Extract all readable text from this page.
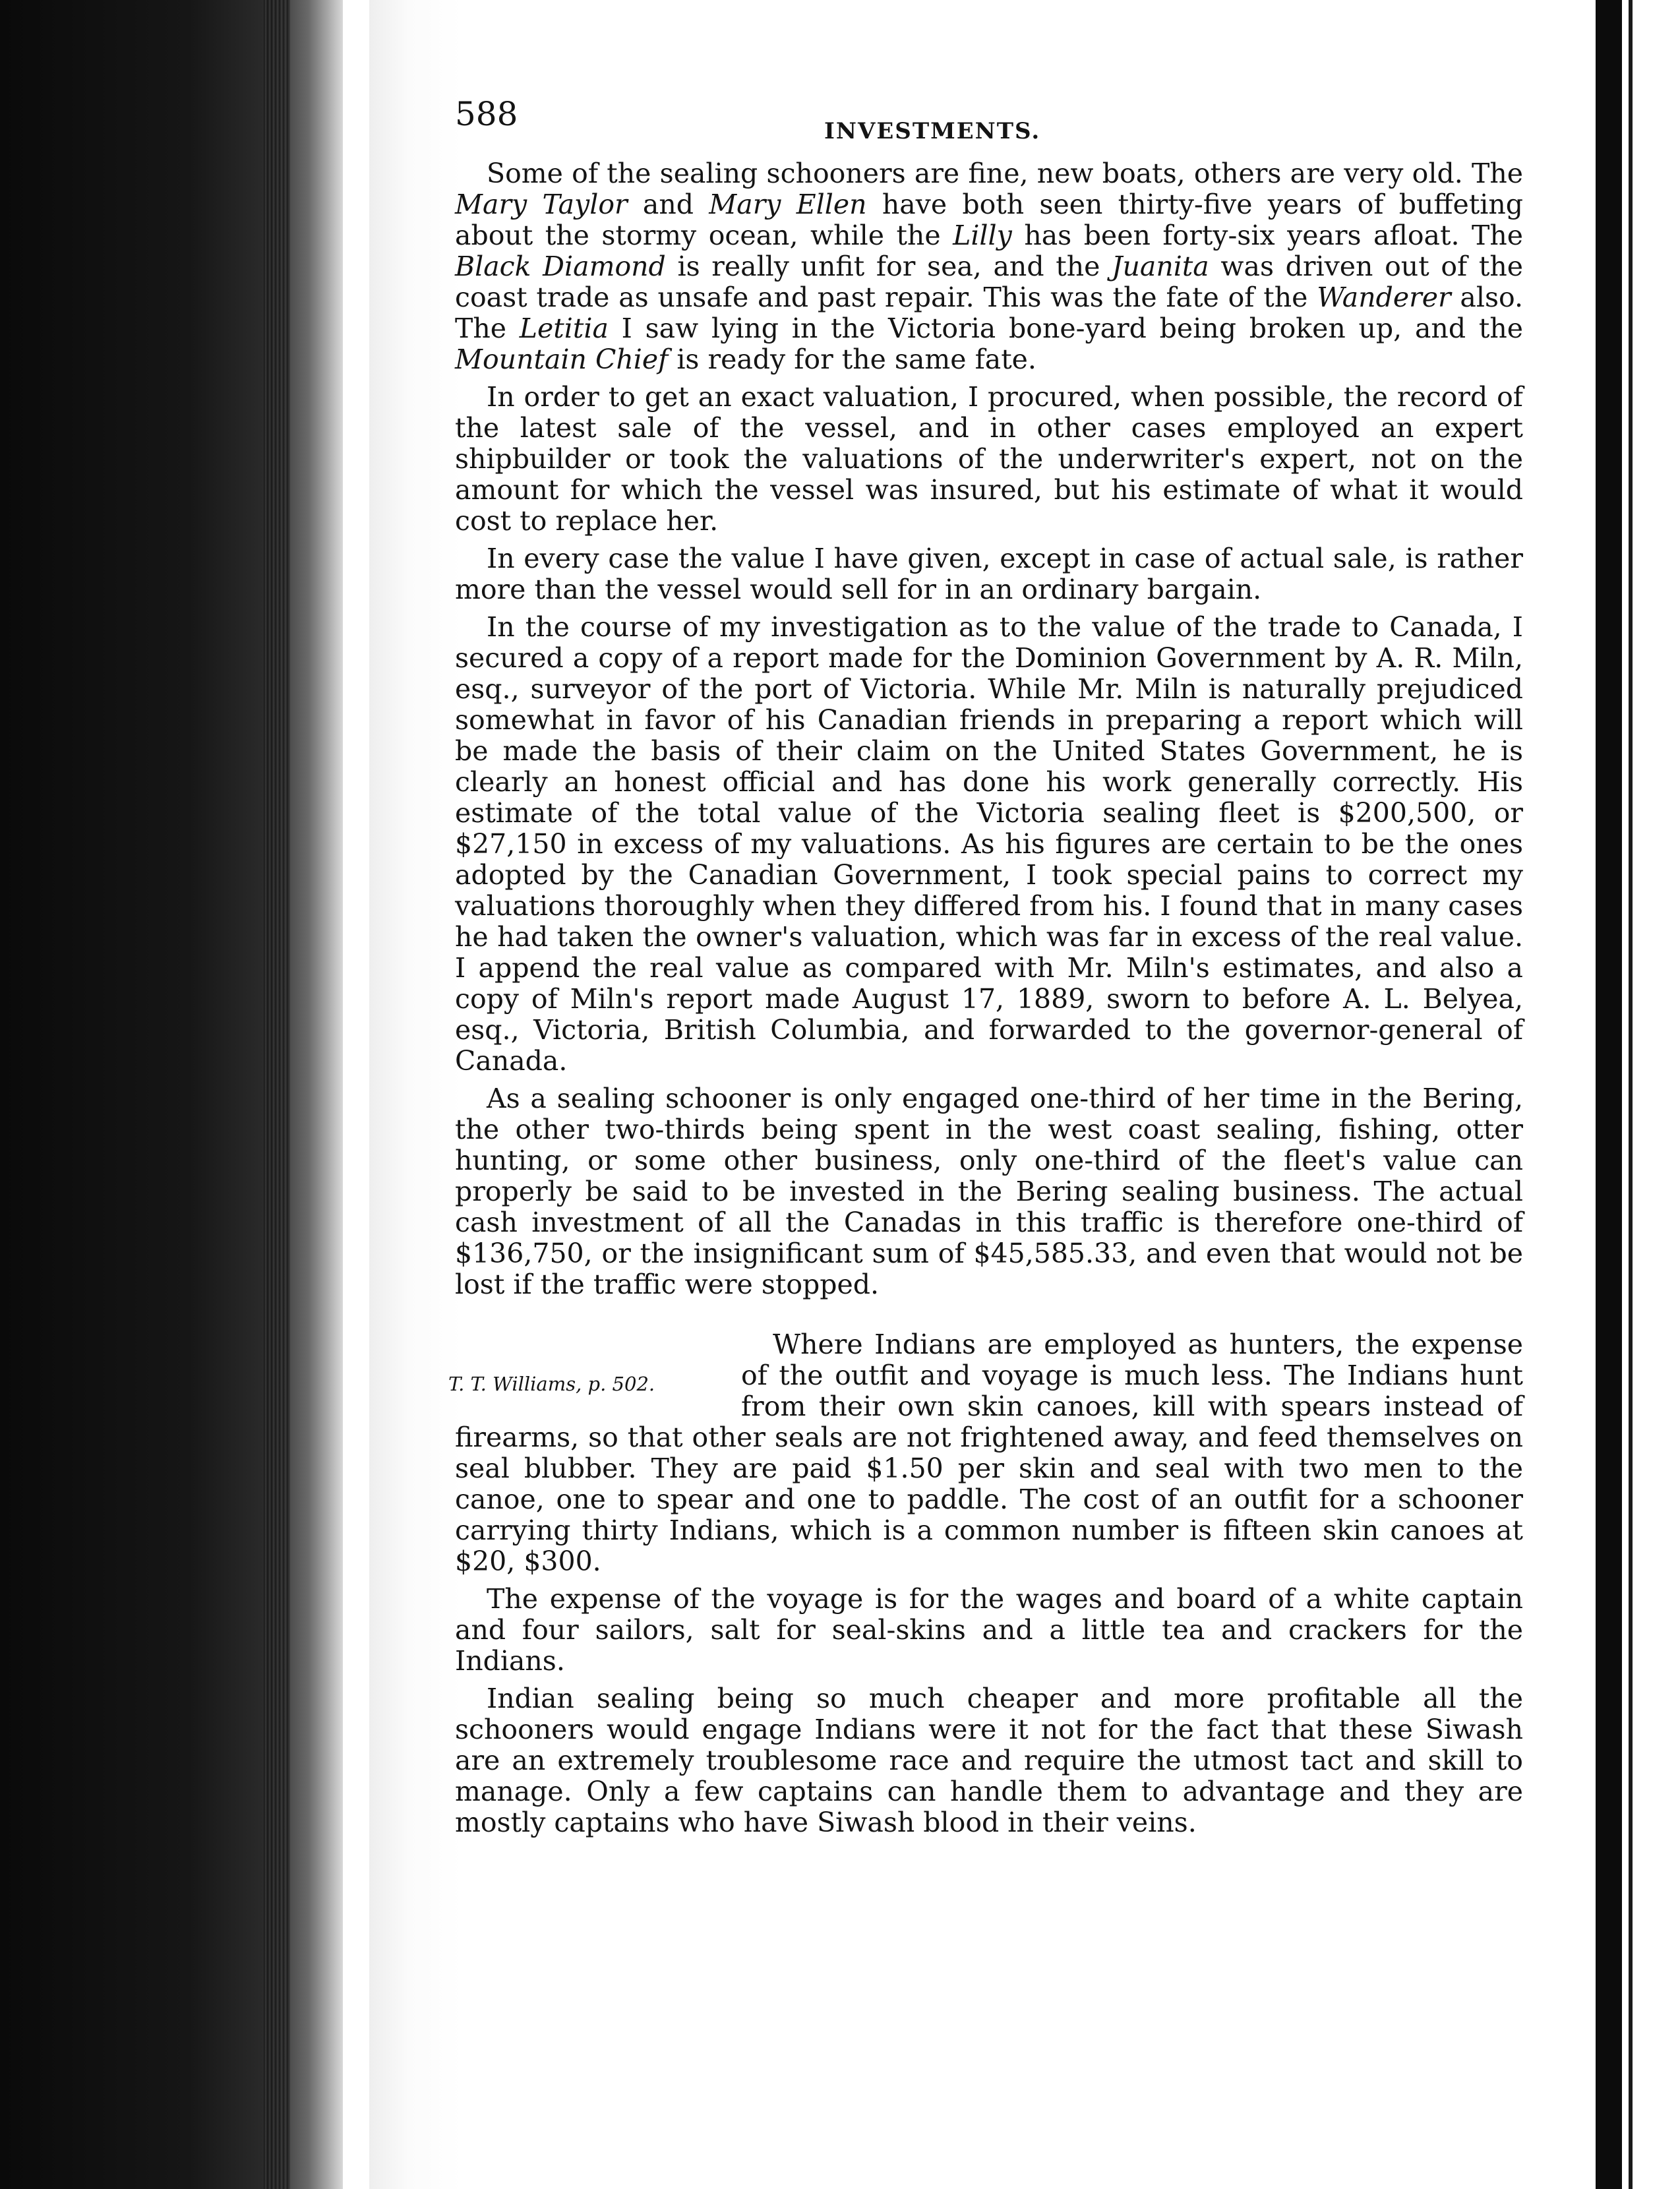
588	INVESTMENTS.

Some of the sealing schooners are fine, new boats, others are very old. The Mary Taylor and Mary Ellen have both seen thirty-five years of buffeting about the stormy ocean, while the Lilly has been forty-six years afloat. The Black Diamond is really unfit for sea, and the Juanita was driven out of the coast trade as unsafe and past repair. This was the fate of the Wanderer also. The Letitia I saw lying in the Victoria bone-yard being broken up, and the Mountain Chief is ready for the same fate.

In order to get an exact valuation, I procured, when possible, the record of the latest sale of the vessel, and in other cases employed an expert shipbuilder or took the valuations of the underwriter's expert, not on the amount for which the vessel was insured, but his estimate of what it would cost to replace her.

In every case the value I have given, except in case of actual sale, is rather more than the vessel would sell for in an ordinary bargain.

In the course of my investigation as to the value of the trade to Canada, I secured a copy of a report made for the Dominion Government by A. R. Miln, esq., surveyor of the port of Victoria. While Mr. Miln is naturally prejudiced somewhat in favor of his Canadian friends in preparing a report which will be made the basis of their claim on the United States Government, he is clearly an honest official and has done his work generally correctly. His estimate of the total value of the Victoria sealing fleet is $200,500, or $27,150 in excess of my valuations. As his figures are certain to be the ones adopted by the Canadian Government, I took special pains to correct my valuations thoroughly when they differed from his. I found that in many cases he had taken the owner's valuation, which was far in excess of the real value. I append the real value as compared with Mr. Miln's estimates, and also a copy of Miln's report made August 17, 1889, sworn to before A. L. Belyea, esq., Victoria, British Columbia, and forwarded to the governor-general of Canada.

As a sealing schooner is only engaged one-third of her time in the Bering, the other two-thirds being spent in the west coast sealing, fishing, otter hunting, or some other business, only one-third of the fleet's value can properly be said to be invested in the Bering sealing business. The actual cash investment of all the Canadas in this traffic is therefore one-third of $136,750, or the insignificant sum of $45,585.33, and even that would not be lost if the traffic were stopped.

T. T. Williams, p. 502.

Where Indians are employed as hunters, the expense of the outfit and voyage is much less. The Indians hunt from their own skin canoes, kill with spears instead of firearms, so that other seals are not frightened away, and feed themselves on seal blubber. They are paid $1.50 per skin and seal with two men to the canoe, one to spear and one to paddle. The cost of an outfit for a schooner carrying thirty Indians, which is a common number is fifteen skin canoes at $20, $300.

The expense of the voyage is for the wages and board of a white captain and four sailors, salt for seal-skins and a little tea and crackers for the Indians.

Indian sealing being so much cheaper and more profitable all the schooners would engage Indians were it not for the fact that these Siwash are an extremely troublesome race and require the utmost tact and skill to manage. Only a few captains can handle them to advantage and they are mostly captains who have Siwash blood in their veins.
